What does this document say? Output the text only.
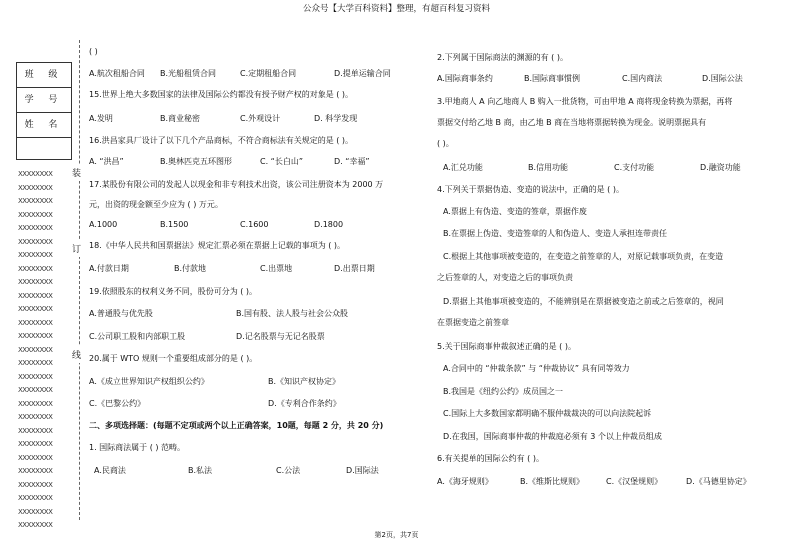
公众号【大学百科资料】整理，有超百科复习资料
班 级
学 号
姓 名
XXXXXXXX
XXXXXXXX
XXXXXXXX
XXXXXXXX
XXXXXXXX
XXXXXXXX
XXXXXXXX
XXXXXXXX
XXXXXXXX
XXXXXXXX
XXXXXXXX
XXXXXXXX
XXXXXXXX
XXXXXXXX
XXXXXXXX
XXXXXXXX
XXXXXXXX
XXXXXXXX
XXXXXXXX
XXXXXXXX
XXXXXXXX
XXXXXXXX
XXXXXXXX
XXXXXXXX
XXXXXXXX
XXXXXXXX
XXXXXXXX
装
订
线
( )
A.航次租船合同 B.光船租赁合同	C.定期租船合同	D.提单运输合同
15.世界上绝大多数国家的法律及国际公约都没有授予财产权的对象是 ( )。
A.发明	B.商业秘密	C.外观设计	D. 科学发现
16.洪昌家具厂设计了以下几个产品商标，不符合商标法有关规定的是 ( )。
A. “洪昌”	B.奥林匹克五环图形	C. “长白山”	D. “幸福”
17.某股份有限公司的发起人以现金和非专利技术出资，该公司注册资本为 2000 万
元，出资的现金额至少应为 ( ) 万元。
A.1000	B.1500	C.1600	D.1800
18.《中华人民共和国票据法》规定汇票必须在票据上记载的事项为 ( )。
A.付款日期	B.付款地	C.出票地	D.出票日期
19.依照股东的权利义务不同，股份可分为 ( )。
A.普通股与优先股	B.国有股、法人股与社会公众股
C.公司职工股和内部职工股	D.记名股票与无记名股票
20.属于 WTO 规则一个重要组成部分的是 ( )。
A.《成立世界知识产权组织公约》	B.《知识产权协定》
C.《巴黎公约》	D.《专利合作条约》
二、多项选择题：(每题不定项或两个以上正确答案，10题，每题 2 分，共 20 分)
1. 国际商法属于 ( ) 范畴。
A.民商法	B.私法	C.公法	D.国际法
2.下列属于国际商法的渊源的有 ( )。
A.国际商事条约	B.国际商事惯例	C.国内商法	D.国际公法
3.甲地商人 A 向乙地商人 B 购入一批货物，可由甲地 A 商将现金转换为票据，再将
票据交付给乙地 B 商，由乙地 B 商在当地将票据转换为现金。说明票据具有
( )。
A.汇兑功能	B.信用功能	C.支付功能	D.融资功能
4.下列关于票据伪造、变造的说法中，正确的是 ( )。
A.票据上有伪造、变造的签章，票据作废
B.在票据上伪造、变造签章的人和伪造人、变造人承担连带责任
C.根据上其他事项被变造的，在变造之前签章的人，对原记载事项负责，在变造
之后签章的人，对变造之后的事项负责
D.票据上其他事项被变造的，不能辨别是在票据被变造之前或之后签章的，视同
在票据变造之前签章
5.关于国际商事仲裁叙述正确的是 ( )。
A.合同中的 “仲裁条款” 与 “仲裁协议” 具有同等效力
B.我国是《纽约公约》成员国之一
C.国际上大多数国家都明确不服仲裁裁决的可以向法院起诉
D.在我国，国际商事仲裁的仲裁庭必须有 3 个以上仲裁员组成
6.有关提单的国际公约有 ( )。
A.《海牙规则》	B.《维斯比规则》	C.《汉堡规则》	D.《马德里协定》
第2页，共7页
